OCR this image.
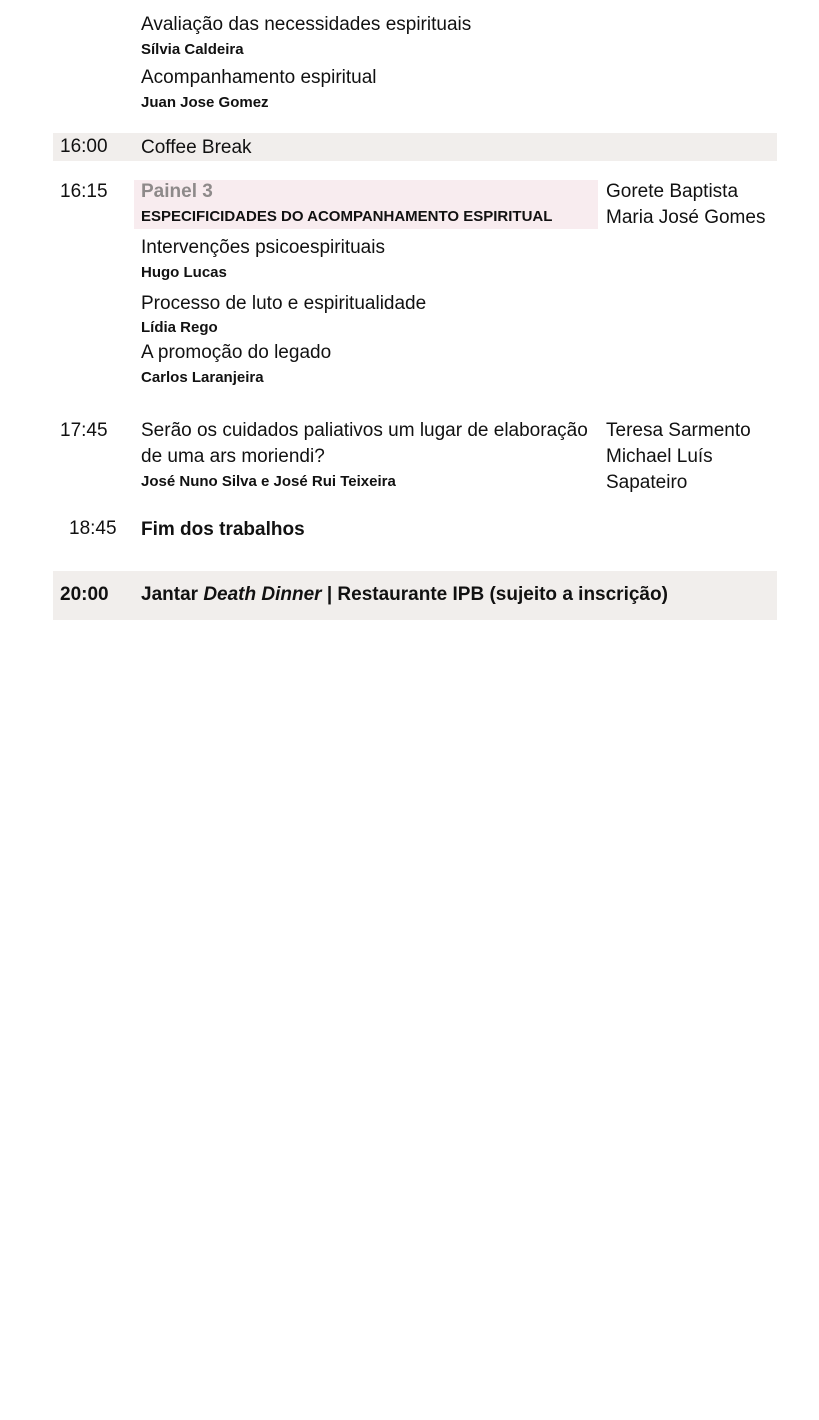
Avaliação das necessidades espirituais
Sílvia Caldeira
Acompanhamento espiritual
Juan Jose Gomez
16:00 Coffee Break
16:15 Painel 3
ESPECIFICIDADES DO ACOMPANHAMENTO ESPIRITUAL
Gorete Baptista
Maria José Gomes
Intervenções psicoespirituais
Hugo Lucas
Processo de luto e espiritualidade
Lídia Rego
A promoção do legado
Carlos Laranjeira
17:45 Serão os cuidados paliativos um lugar de elaboração
de uma ars moriendi?
José Nuno Silva e José Rui Teixeira
Teresa Sarmento
Michael Luís
Sapateiro
18:45 Fim dos trabalhos
20:00 Jantar Death Dinner | Restaurante IPB (sujeito a inscrição)
